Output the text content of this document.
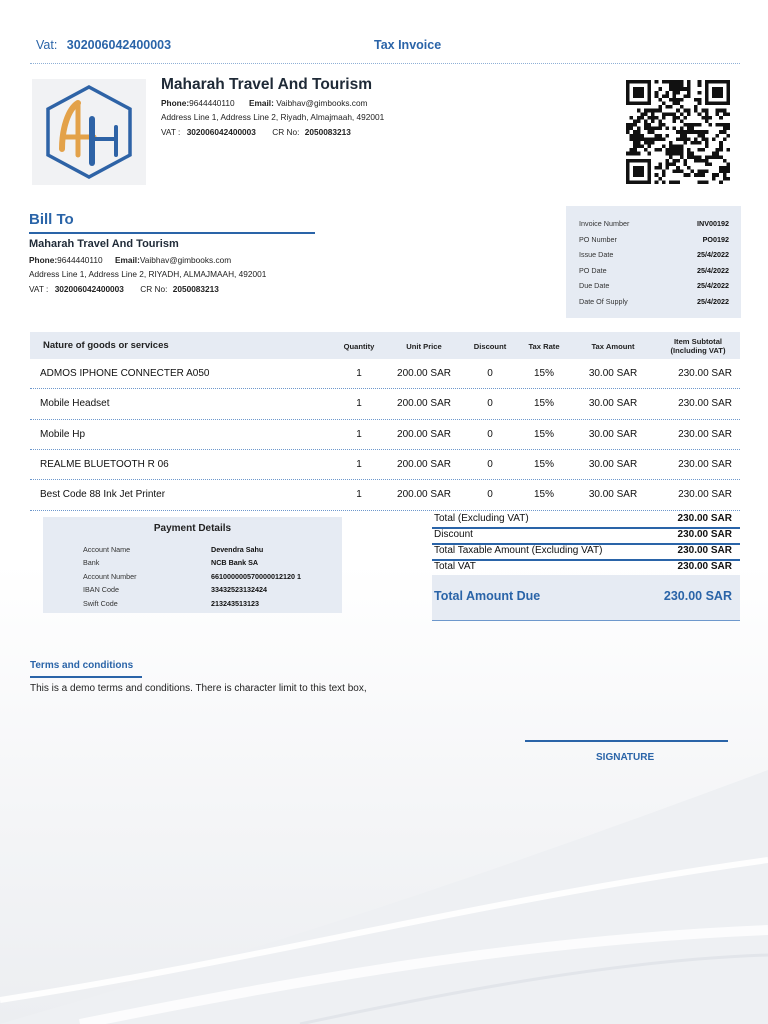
Vat: 302006042400003	Tax Invoice
Maharah Travel And Tourism
Phone:9644440110 Email: Vaibhav@gimbooks.com
Address Line 1, Address Line 2, Riyadh, Almajmaah, 492001
VAT : 302006042400003 CR No: 2050083213
Bill To
Maharah Travel And Tourism
Phone:9644440110 Email:Vaibhav@gimbooks.com
Address Line 1, Address Line 2, RIYADH, ALMAJMAAH, 492001
VAT : 302006042400003 CR No: 2050083213
Invoice Number	INV00192
PO Number	PO0192
Issue Date	25/4/2022
PO Date	25/4/2022
Due Date	25/4/2022
Date Of Supply	25/4/2022
Nature of goods or services	Quantity	Unit Price	Discount	Tax Rate	Tax Amount
Item Subtotal
(Including VAT)
ADMOS IPHONE CONNECTER A050	1	200.00 SAR	0	15%	30.00 SAR	230.00 SAR
Mobile Headset	1	200.00 SAR	0	15%	30.00 SAR	230.00 SAR
Mobile Hp	1	200.00 SAR	0	15%	30.00 SAR	230.00 SAR
REALME BLUETOOTH R 06	1	200.00 SAR	0	15%	30.00 SAR	230.00 SAR
Best Code 88 Ink Jet Printer	1	200.00 SAR	0	15%	30.00 SAR	230.00 SAR
Payment Details
Account Name	Devendra Sahu
Bank	NCB Bank SA
Account Number	661000000570000012120 1
IBAN Code	33432523132424
Swift Code	213243513123
Total (Excluding VAT)	230.00 SAR
Discount	230.00 SAR
Total Taxable Amount (Excluding VAT)	230.00 SAR
Total VAT	230.00 SAR
Total Amount Due	230.00 SAR
Terms and conditions
This is a demo terms and conditions. There is character limit to this text box,
SIGNATURE
